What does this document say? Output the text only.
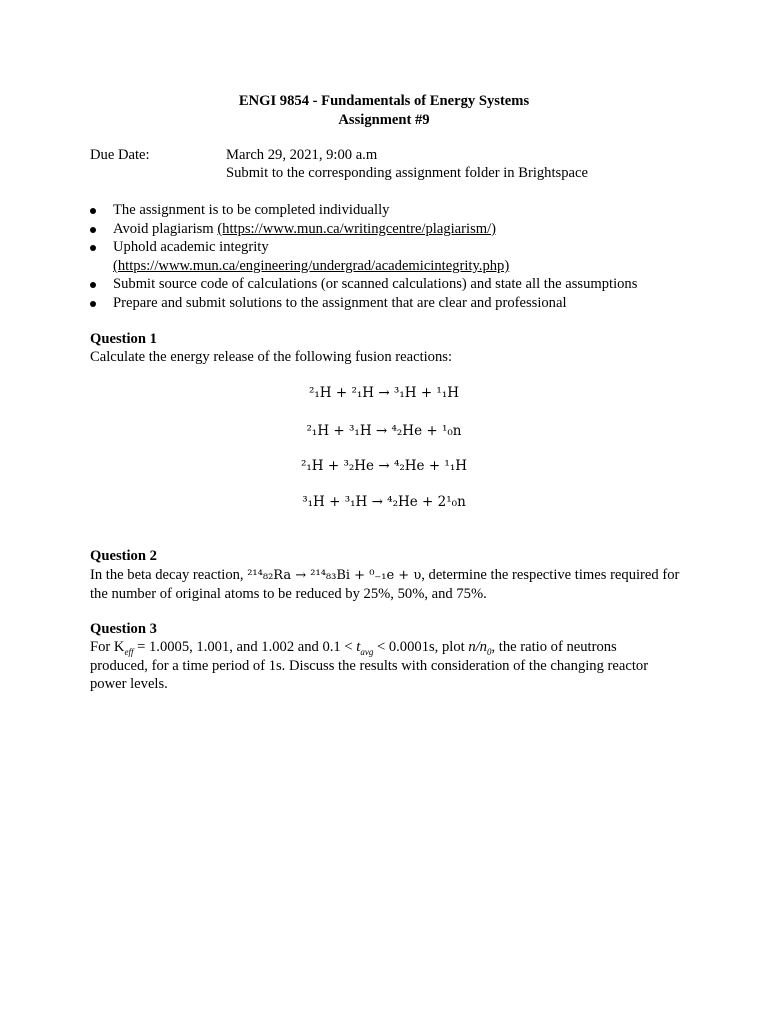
ENGI 9854 - Fundamentals of Energy Systems
Assignment #9
Due Date:	March 29, 2021, 9:00 a.m
Submit to the corresponding assignment folder in Brightspace
The assignment is to be completed individually
Avoid plagiarism (https://www.mun.ca/writingcentre/plagiarism/)
Uphold academic integrity
(https://www.mun.ca/engineering/undergrad/academicintegrity.php)
Submit source code of calculations (or scanned calculations) and state all the assumptions
Prepare and submit solutions to the assignment that are clear and professional
Question 1
Calculate the energy release of the following fusion reactions:
²₁H + ²₁H → ³₁H + ¹₁H
²₁H + ³₁H → ⁴₂He + ¹₀n
²₁H + ³₂He → ⁴₂He + ¹₁H
³₁H + ³₁H → ⁴₂He + 2¹₀n
Question 2
In the beta decay reaction, ²¹⁴₈₂Ra → ²¹⁴₈₃Bi + ⁰₋₁e + υ, determine the respective times required for
the number of original atoms to be reduced by 25%, 50%, and 75%.
Question 3
For $K_{eff} = 1.0005$, 1.001, and 1.002 and $0.1 < t_{avg} < 0.0001s$, plot $n/n_0$, the ratio of neutrons
produced, for a time period of 1s. Discuss the results with consideration of the changing reactor
power levels.
